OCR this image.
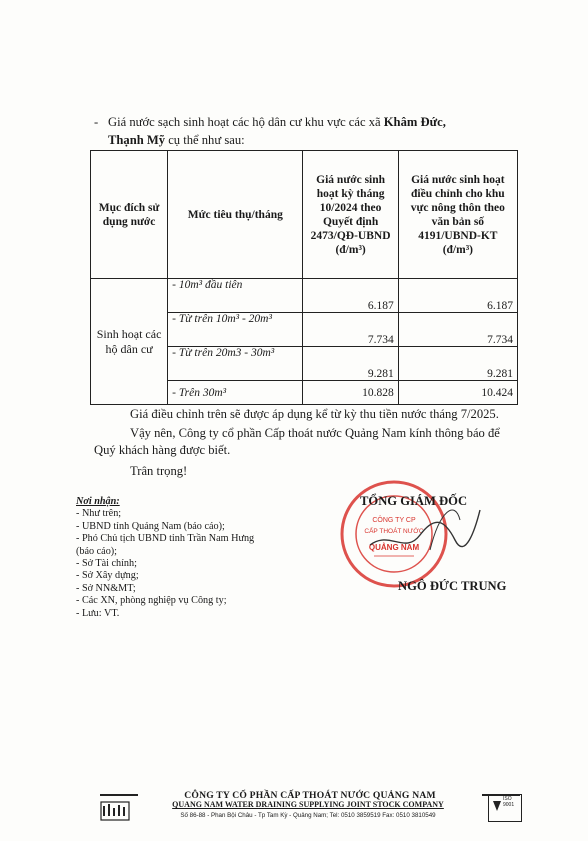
- Giá nước sạch sinh hoạt các hộ dân cư khu vực các xã Khâm Đức,
Thạnh Mỹ cụ thể như sau:
Mục đích sử dụng nước	Mức tiêu thụ/tháng	Giá nước sinh hoạt kỳ tháng 10/2024 theo Quyết định 2473/QĐ-UBND (đ/m³)	Giá nước sinh hoạt điều chỉnh cho khu vực nông thôn theo văn bản số 4191/UBND-KT (đ/m³)
Sinh hoạt các hộ dân cư	- 10m³ đầu tiên	6.187	6.187
	- Từ trên 10m³ - 20m³	7.734	7.734
	- Từ trên 20m3 - 30m³	9.281	9.281
	- Trên 30m³	10.828	10.424
Giá điều chỉnh trên sẽ được áp dụng kể từ kỳ thu tiền nước tháng 7/2025.
Vậy nên, Công ty cổ phần Cấp thoát nước Quảng Nam kính thông báo để
Quý khách hàng được biết.
Trân trọng!
Nơi nhận:
- Như trên;
- UBND tỉnh Quảng Nam (báo cáo);
- Phó Chủ tịch UBND tỉnh Trần Nam Hưng
(báo cáo);
- Sở Tài chính;
- Sở Xây dựng;
- Sở NN&MT;
- Các XN, phòng nghiệp vụ Công ty;
- Lưu: VT.
CÔNG TY CP
CẤP THOÁT NƯỚC
QUẢNG NAM
TỔNG GIÁM ĐỐC
NGÔ ĐỨC TRUNG
CÔNG TY CỔ PHẦN CẤP THOÁT NƯỚC QUẢNG NAM
QUANG NAM WATER DRAINING SUPPLYING JOINT STOCK COMPANY
Số 86-88 - Phan Bội Châu - Tp Tam Kỳ - Quảng Nam; Tel: 0510 3859519 Fax: 0510 3810549
ISO 9001
